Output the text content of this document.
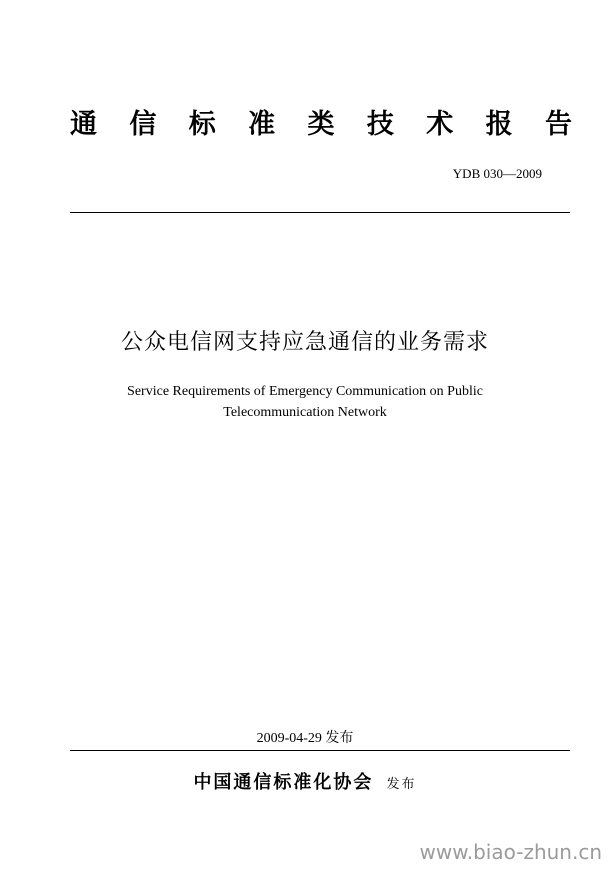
通 信 标 准 类 技 术 报 告
YDB 030—2009
公众电信网支持应急通信的业务需求
Service Requirements of Emergency Communication on Public
Telecommunication Network
2009-04-29 发布
中国通信标准化协会 发布
www.biao-zhun.cn
